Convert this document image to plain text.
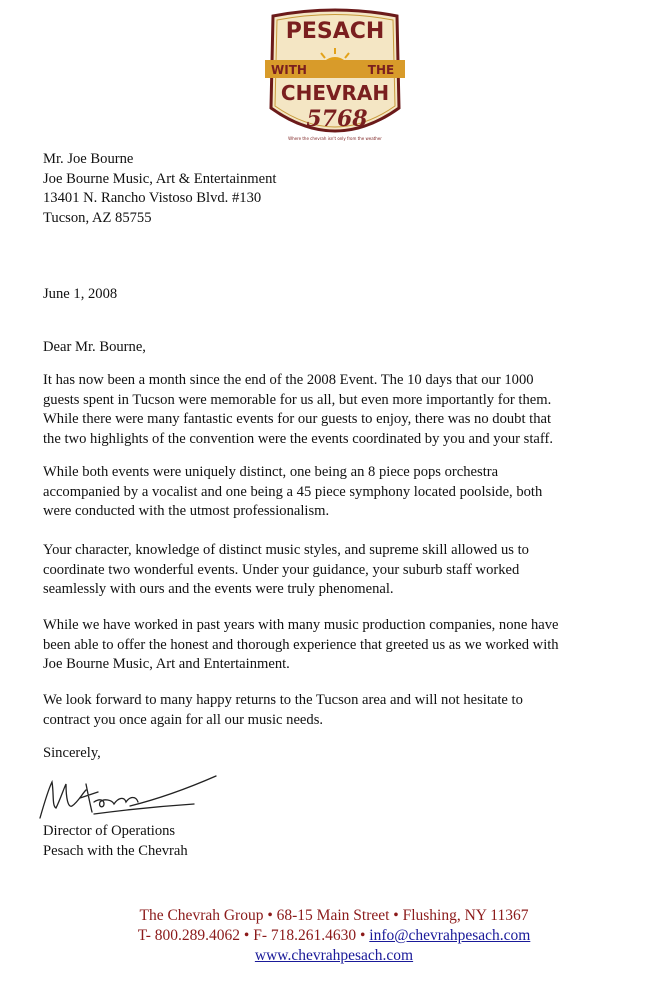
PESACH
WITH	THE
CHEVRAH
5768
Where the chevrah isn't only from the weather
Mr. Joe Bourne
Joe Bourne Music, Art & Entertainment
13401 N. Rancho Vistoso Blvd. #130
Tucson, AZ 85755
June 1, 2008
Dear Mr. Bourne,
It has now been a month since the end of the 2008 Event. The 10 days that our 1000
guests spent in Tucson were memorable for us all, but even more importantly for them.
While there were many fantastic events for our guests to enjoy, there was no doubt that
the two highlights of the convention were the events coordinated by you and your staff.
While both events were uniquely distinct, one being an 8 piece pops orchestra
accompanied by a vocalist and one being a 45 piece symphony located poolside, both
were conducted with the utmost professionalism.
Your character, knowledge of distinct music styles, and supreme skill allowed us to
coordinate two wonderful events. Under your guidance, your suburb staff worked
seamlessly with ours and the events were truly phenomenal.
While we have worked in past years with many music production companies, none have
been able to offer the honest and thorough experience that greeted us as we worked with
Joe Bourne Music, Art and Entertainment.
We look forward to many happy returns to the Tucson area and will not hesitate to
contract you once again for all our music needs.
Sincerely,
Director of Operations
Pesach with the Chevrah
The Chevrah Group • 68-15 Main Street • Flushing, NY 11367
T- 800.289.4062 • F- 718.261.4630 • info@chevrahpesach.com
www.chevrahpesach.com
